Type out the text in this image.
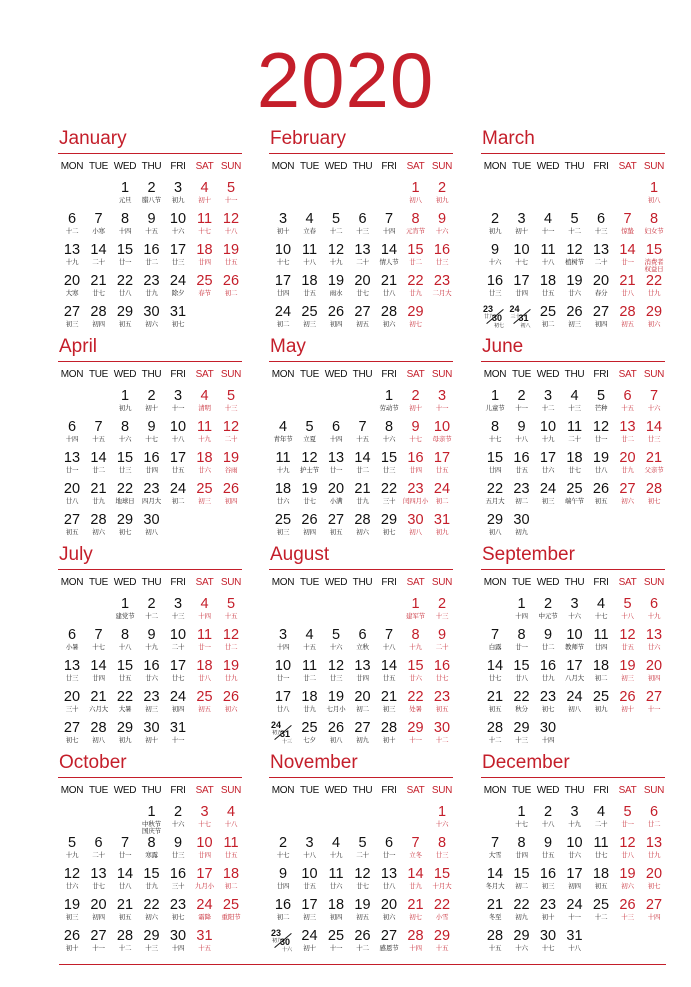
2020
January
MON TUE WED THU FRI SAT SUN
1
元旦
2
腊八节
3
初九
4
初十
5
十一
6
十二
7
小寒
8
十四
9
十五
10
十六
11
十七
12
十八
13
十九
14
二十
15
廿一
16
廿二
17
廿三
18
廿四
19
廿五
20
大寒
21
廿七
22
廿八
23
廿九
24
除夕
25
春节
26
初二
27
初三
28
初四
29
初五
30
初六
31
初七
February
MON TUE WED THU FRI SAT SUN
1
初八
2
初九
3
初十
4
立春
5
十二
6
十三
7
十四
8
元宵节
9
十六
10
十七
11
十八
12
十九
13
二十
14
情人节
15
廿二
16
廿三
17
廿四
18
廿五
19
雨水
20
廿七
21
廿八
22
廿九
23
二月大
24
初二
25
初三
26
初四
27
初五
28
初六
29
初七
March
MON TUE WED THU FRI SAT SUN
1
初八
2
初九
3
初十
4
十一
5
十二
6
十三
7
惊蛰
8
妇女节
9
十六
10
十七
11
十八
12
植树节
13
二十
14
廿一
15
消费者权益日
16
廿三
17
廿四
18
廿五
19
廿六
20
春分
21
廿八
22
廿九
23
廿九
30
初七
24
三十
31
初八
25
初二
26
初三
27
初四
28
初五
29
初六
April
MON TUE WED THU FRI SAT SUN
1
初九
2
初十
3
十一
4
清明
5
十三
6
十四
7
十五
8
十六
9
十七
10
十八
11
十九
12
二十
13
廿一
14
廿二
15
廿三
16
廿四
17
廿五
18
廿六
19
谷雨
20
廿八
21
廿九
22
地球日
23
四月大
24
初二
25
初三
26
初四
27
初五
28
初六
29
初七
30
初八
May
MON TUE WED THU FRI SAT SUN
1
劳动节
2
初十
3
十一
4
青年节
5
立夏
6
十四
7
十五
8
十六
9
十七
10
母亲节
11
十九
12
护士节
13
廿一
14
廿二
15
廿三
16
廿四
17
廿五
18
廿六
19
廿七
20
小满
21
廿九
22
三十
23
闰四月小
24
初二
25
初三
26
初四
27
初五
28
初六
29
初七
30
初八
31
初九
June
MON TUE WED THU FRI SAT SUN
1
儿童节
2
十一
3
十二
4
十三
5
芒种
6
十五
7
十六
8
十七
9
十八
10
十九
11
二十
12
廿一
13
廿二
14
廿三
15
廿四
16
廿五
17
廿六
18
廿七
19
廿八
20
廿九
21
父亲节
22
五月大
23
初二
24
初三
25
端午节
26
初五
27
初六
28
初七
29
初八
30
初九
July
MON TUE WED THU FRI SAT SUN
1
建党节
2
十二
3
十三
4
十四
5
十五
6
小暑
7
十七
8
十八
9
十九
10
二十
11
廿一
12
廿二
13
廿三
14
廿四
15
廿五
16
廿六
17
廿七
18
廿八
19
廿九
20
三十
21
六月大
22
大暑
23
初三
24
初四
25
初五
26
初六
27
初七
28
初八
29
初九
30
初十
31
十一
August
MON TUE WED THU FRI SAT SUN
1
建军节
2
十三
3
十四
4
十五
5
十六
6
立秋
7
十八
8
十九
9
二十
10
廿一
11
廿二
12
廿三
13
廿四
14
廿五
15
廿六
16
廿七
17
廿八
18
廿九
19
七月小
20
初二
21
初三
22
处暑
23
初五
24
初五
31
十三
25
七夕
26
初八
27
初九
28
初十
29
十一
30
十二
September
MON TUE WED THU FRI SAT SUN
1
十四
2
中元节
3
十六
4
十七
5
十八
6
十九
7
白露
8
廿一
9
廿二
10
教师节
11
廿四
12
廿五
13
廿六
14
廿七
15
廿八
16
廿九
17
八月大
18
初二
19
初三
20
初四
21
初五
22
秋分
23
初七
24
初八
25
初九
26
初十
27
十一
28
十二
29
十三
30
十四
October
MON TUE WED THU FRI SAT SUN
1
中秋节国庆节
2
十六
3
十七
4
十八
5
十九
6
二十
7
廿一
8
寒露
9
廿三
10
廿四
11
廿五
12
廿六
13
廿七
14
廿八
15
廿九
16
三十
17
九月小
18
初二
19
初三
20
初四
21
初五
22
初六
23
初七
24
霜降
25
重阳节
26
初十
27
十一
28
十二
29
十三
30
十四
31
十五
November
MON TUE WED THU FRI SAT SUN
1
十六
2
十七
3
十八
4
十九
5
二十
6
廿一
7
立冬
8
廿三
9
廿四
10
廿五
11
廿六
12
廿七
13
廿八
14
廿九
15
十月大
16
初二
17
初三
18
初四
19
初五
20
初六
21
初七
22
小雪
23
初九
30
十六
24
初十
25
十一
26
十二
27
感恩节
28
十四
29
十五
December
MON TUE WED THU FRI SAT SUN
1
十七
2
十八
3
十九
4
二十
5
廿一
6
廿二
7
大雪
8
廿四
9
廿五
10
廿六
11
廿七
12
廿八
13
廿九
14
冬月大
15
初二
16
初三
17
初四
18
初五
19
初六
20
初七
21
冬至
22
初九
23
初十
24
十一
25
十二
26
十三
27
十四
28
十五
29
十六
30
十七
31
十八
